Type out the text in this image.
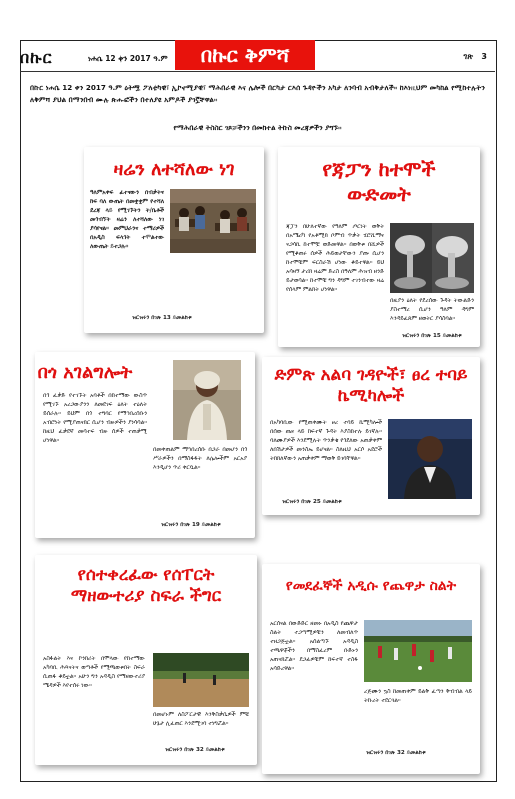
በኩር	ነሐሴ 12 ቀን 2017 ዓ.ም	በኩር ቅምሻ	ገጽ 3
በኩር ነሐሴ 12 ቀን 2017 ዓ.ም ዕትሟ ፖለቲካዊ፣ ኢኮኖሚያዊ፣ ማሕበራዊ እና ሌሎች በርካታ ርእሰ ጉዳዮችን አካታ ለንባብ አብቅታለች፡፡ ከእነዚህም መካከል የሚከተሉትን ለቅምሻ ያህል በማንበብ ሙሉ ጽሑፎችን በተለያዩ አምዶች ያገኟቸዋል፡፡
የማሕበራዊ ትስስር ገጾቻችንን በመከተል ትኩስ መረጃዎችን ያግኙ፡፡
ዛሬን ለተሻለው ነገ
ዓለምአቀፍ ፈተናውን በብቃትና ከፍ ባለ ውጤት በመቋቋም የተሻለ ደረጃ ላይ የሚገኙትን ት/ቤቶች መጎብኘት ዛሬን ለተሻለው ነገ ያሳየናል፡፡ መምህራንና ተማሪዎች በአዲስ ፍላጎት ተሞልተው ለውጤት ይተጋሉ፡፡
ዝርዝሩን በገጽ 13 ይመልከቱ
የጃፓን ከተሞች ውድመት
ጃፓን በሁለተኛው የዓለም ጦርነት ወቅት በአሜሪካ የአቶሚክ ቦምብ ጥቃት ሂሮሺማና ናጋሳኪ ከተሞቿ ወድመዋል፡፡ በወቅቱ በሺዎች የሚቆጠሩ ሰዎች ሕይወታቸውን ያጡ ሲሆን ከተሞቹም ፍርስራሽ ሆነው ቆይተዋል፡፡ ይህ አሳዛኝ ታሪክ ዛሬም ድረስ በዓለም ሕዝብ ዘንድ ይታወሳል፡፡ ከተሞቹ ግን ዳግም ተገንብተው ዛሬ የሰላም ምልክት ሆነዋል፡፡
በዚያን ዕለት የደረሰው ጉዳት ትውልድን ያስተማረ ሲሆን ዓለም ዳግም እንዳይፈጸም ዘወትር ያሳስባል፡፡
ዝርዝሩን በገጽ 15 ይመልከቱ
በጎ አገልግሎት
በጎ ፈቃድ የተገኙት አባቶች በከተማው ውስጥ የሚገኙ አረጋውያንን ለመደገፍ ዕለት ተዕለት ይሰራሉ፡፡ ይህም በጎ ተግባር የማኅበረሰቡን አብሮነት የሚያጠናክር ሲሆን ብዙዎችን ያነሳሳል፡፡ ከዚህ ፈቃደኛ መሳተፍ ብዙ ሰዎች ተጠቃሚ ሆነዋል፡፡
በመቀጠልም ማኅበረሰቡ በጋራ በመሆን በጎ ሥራዎችን በማስፋፋት ለሌሎችም አርአያ እንዲሆን ጥሪ ቀርቧል፡፡
ዝርዝሩን በገጽ 19 ይመልከቱ
ድምጽ አልባ ገዳዮች፣ ፀረ ተባይ ኬሚካሎች
በአካባቢው የሚጠቀሙት ፀረ ተባይ ኬሚካሎች በሰው ጤና ላይ ከፍተኛ ጉዳት እያስከተሉ ይገኛሉ፡፡ ባለሙያዎች እንደሚሉት ጥንቃቄ የጎደለው አጠቃቀም ለበሽታዎች መንስኤ ይሆናል፡፡ ስለዚህ አርሶ አደሮች ትክክለኛውን አጠቃቀም ማወቅ ይገባቸዋል፡፡
ዝርዝሩን በገጽ 25 ይመልከቱ
የሰተቀረፈው የሰፐርት ማዘውተሪያ ስፍራ ችግር
አስፋልት እና ኮንክሪት በሞላው የከተማው አካባቢ ሕጻናትና ወጣቶች የሚጫወቱበት ስፍራ ሲጠፋ ቆይቷል፡፡ አሁን ግን አዳዲስ የማዘውተሪያ ሜዳዎች እየተሰሩ ነው፡፡
በመሆኑም ለስፖርታዊ እንቅስቃሴዎች ምቹ ሁኔታ ሊፈጠር እንደሚገባ ተነግሯል፡፡
ዝርዝሩን በገጽ 32 ይመልከቱ
የመደፈኞች አዲሱ የጨዋታ ስልት
አርሰናል በውድድር ዘመኑ በአዲስ የጨዋታ ስልት ተጋጣሚዎቹን ለመብለጥ ተዘጋጅቷል፡፡ አሰልጣኙ አዳዲስ ተጫዋቾችን በማስፈረም ቡድኑን አጠናክሯል፡፡ ደጋፊዎቹም ከፍተኛ ተስፋ አሳድረዋል፡፡
ረጅሙን ኳስ ከመጠቀም ይልቅ ፈጣን ቅብብል ላይ ትኩረት ተደርጓል፡፡
ዝርዝሩን በገጽ 32 ይመልከቱ
